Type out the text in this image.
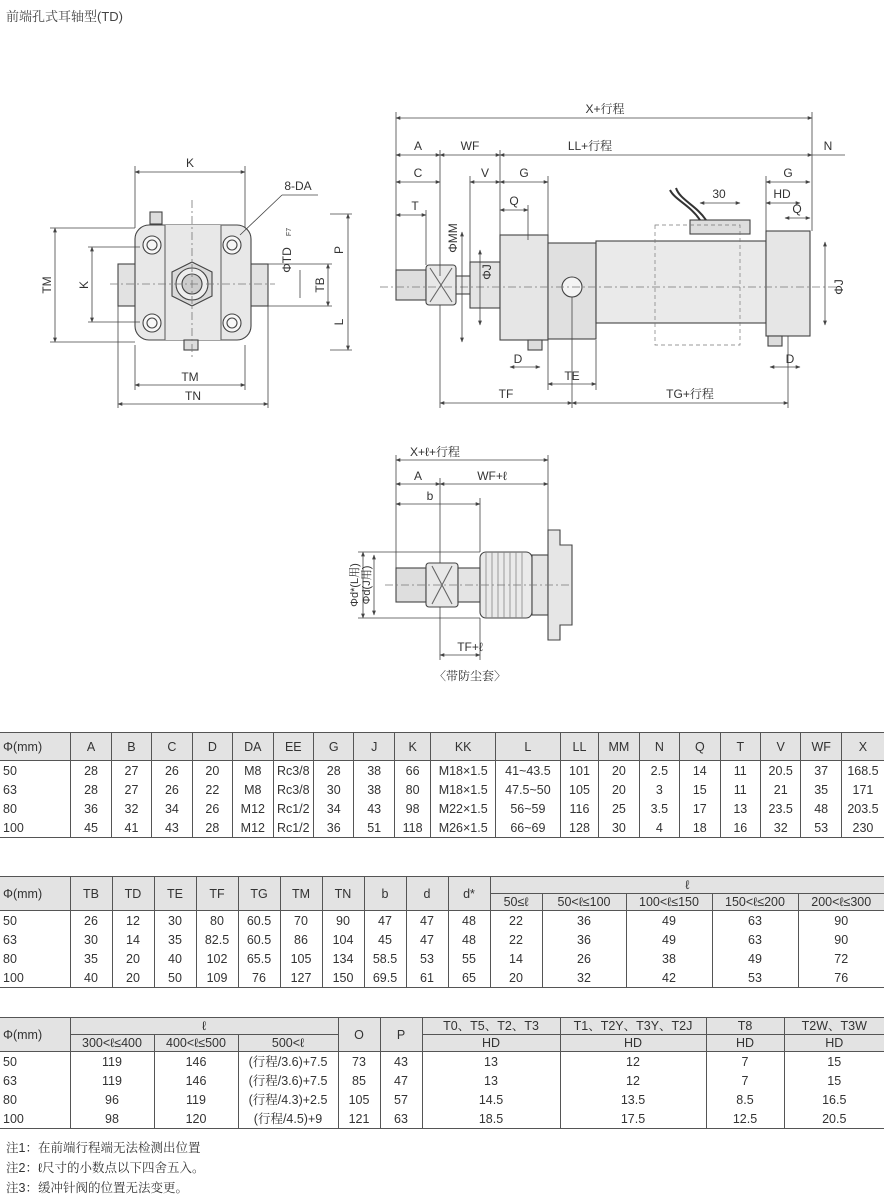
前端孔式耳轴型(TD)
K
8-DA
ΦTD
F7
TM K
P
TB
L
TM
TN
X+行程
A	WF	LL+行程	N
C	V	G	G
T	Q	30	HD
Q
ΦMM
ΦJ
ΦJ
D	D
TF
TE
TG+行程
X+ℓ+行程
A	WF+ℓ
b
Φd*(L用) Φd(J用)
TF+ℓ
〈带防尘套〉
Φ(mm)	A	B	C	D	DA	EE	G	J	K	KK	L	LL	MM	N	Q	T	V	WF	X
50	28	27	26	20	M8	Rc3/8	28	38	66	M18×1.5	41~43.5	101	20	2.5	14	11	20.5	37	168.5
63	28	27	26	22	M8	Rc3/8	30	38	80	M18×1.5	47.5~50	105	20	3	15	11	21	35	171
80	36	32	34	26	M12	Rc1/2	34	43	98	M22×1.5	56~59	116	25	3.5	17	13	23.5	48	203.5
100	45	41	43	28	M12	Rc1/2	36	51	118	M26×1.5	66~69	128	30	4	18	16	32	53	230
Φ(mm)	TB	TD	TE	TF	TG	TM	TN	b	d	d*	ℓ				
											50≤ℓ	50<ℓ≤100	100<ℓ≤150	150<ℓ≤200	200<ℓ≤300
50	26	12	30	80	60.5	70	90	47	47	48	22	36	49	63	90
63	30	14	35	82.5	60.5	86	104	45	47	48	22	36	49	63	90
80	35	20	40	102	65.5	105	134	58.5	53	55	14	26	38	49	72
100	40	20	50	109	76	127	150	69.5	61	65	20	32	42	53	76
Φ(mm)	ℓ			O	P	T0、T5、T2、T3	T1、T2Y、T3Y、T2J	T8	T2W、T3W
	300<ℓ≤400	400<ℓ≤500	500<ℓ			HD	HD	HD	HD
50	119	146	(行程/3.6)+7.5	73	43	13	12	7	15
63	119	146	(行程/3.6)+7.5	85	47	13	12	7	15
80	96	119	(行程/4.3)+2.5	105	57	14.5	13.5	8.5	16.5
100	98	120	(行程/4.5)+9	121	63	18.5	17.5	12.5	20.5
注1：在前端行程端无法检测出位置
注2：ℓ尺寸的小数点以下四舍五入。
注3：缓冲针阀的位置无法变更。
